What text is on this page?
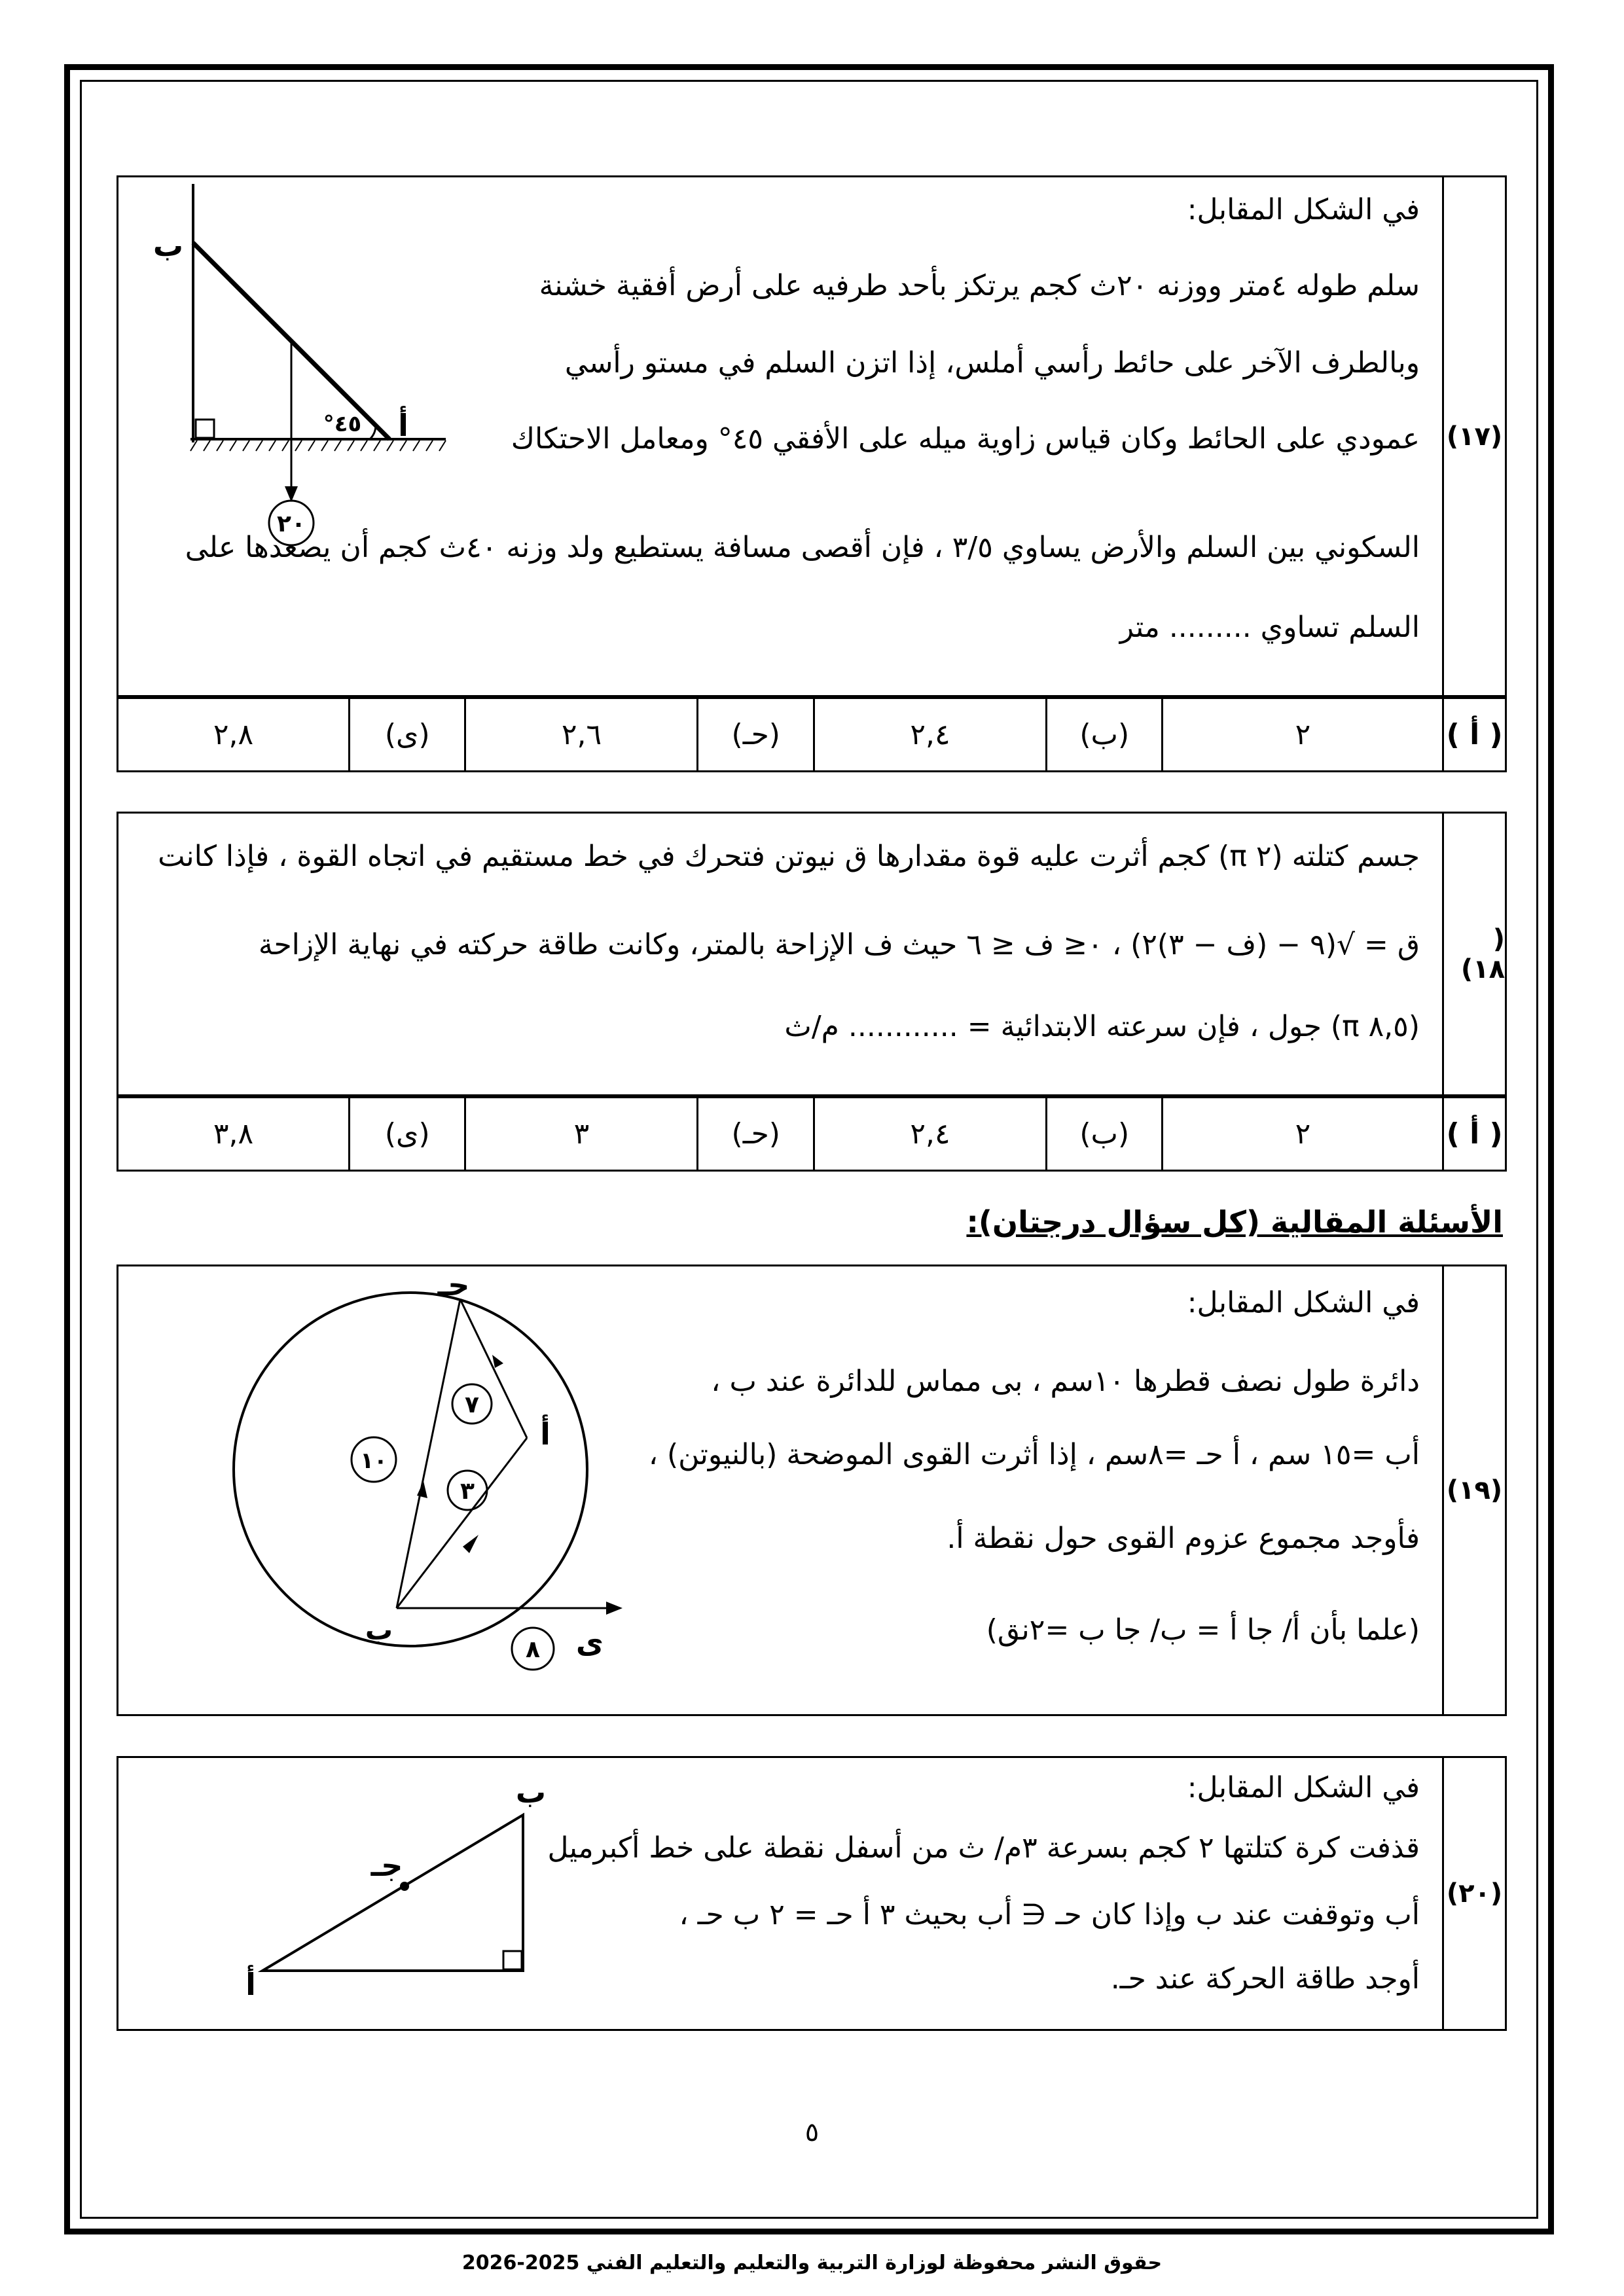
(١٧)
في الشكل المقابل:
سلم طوله ٤متر ووزنه ٢٠ث كجم يرتكز بأحد طرفيه على أرض أفقية خشنة
وبالطرف الآخر على حائط رأسي أملس، إذا اتزن السلم في مستو رأسي
عمودي على الحائط وكان قياس زاوية ميله على الأفقي ٤٥° ومعامل الاحتكاك
السكوني بين السلم والأرض يساوي ٣/٥ ، فإن أقصى مسافة يستطيع ولد وزنه ٤٠ث كجم أن يصعدها على
السلم تساوي ......... متر
٢٠
ب
أ
٤٥°
( أ )
٢
(ب)
٢,٤
(حـ)
٢,٦
(ى)
٢,٨
( ١٨)
جسم كتلته (٢ π) كجم أثرت عليه قوة مقدارها ق نيوتن فتحرك في خط مستقيم في اتجاه القوة ، فإذا كانت
ق = √(٩ − (ف − ٣)٢) ، ٠≤ ف ≤ ٦ حيث ف الإزاحة بالمتر، وكانت طاقة حركته في نهاية الإزاحة
(٨,٥ π) جول ، فإن سرعته الابتدائية = ............ م/ث
( أ )
٢
(ب)
٢,٤
(حـ)
٣
(ى)
٣,٨
الأسئلة المقالية (كل سؤال درجتان):
(١٩)
في الشكل المقابل:
دائرة طول نصف قطرها ١٠سم ، بى مماس للدائرة عند ب ،
أب =١٥ سم ، أ حـ =٨سم ، إذا أثرت القوى الموضحة (بالنيوتن) ،
فأوجد مجموع عزوم القوى حول نقطة أ.
(علما بأن أ/ جا أ = ب/ جا ب =٢نق)
٧
٣
١٠
٨
جـ
أ
ب	ى
(٢٠)
في الشكل المقابل:
قذفت كرة كتلتها ٢ كجم بسرعة ٣م/ ث من أسفل نقطة على خط أكبرميل
أب وتوقفت عند ب وإذا كان حـ ∈ أب بحيث ٣ أ حـ = ٢ ب حـ ،
أوجد طاقة الحركة عند حـ.
ب
جـ
أ
٥
حقوق النشر محفوظة لوزارة التربية والتعليم والتعليم الفني 2025-2026
